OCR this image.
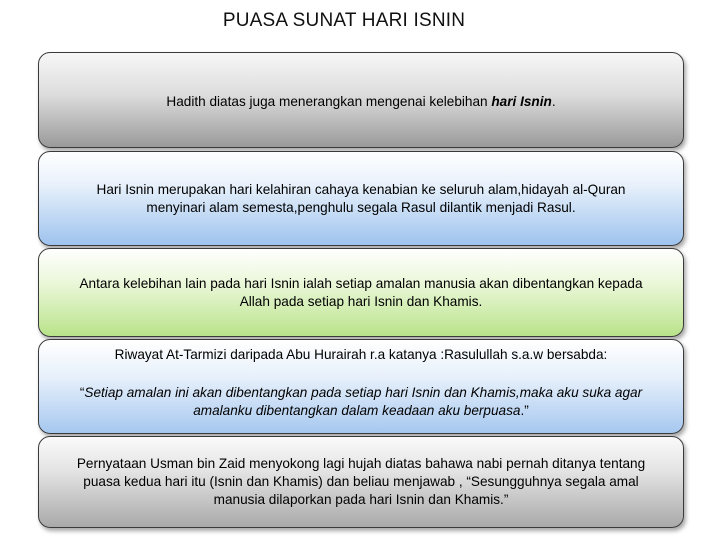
PUASA SUNAT HARI ISNIN

Hadith diatas juga menerangkan mengenai kelebihan hari Isnin.

Hari Isnin merupakan hari kelahiran cahaya kenabian ke seluruh alam,hidayah al-Quran

menyinari alam semesta,penghulu segala Rasul dilantik menjadi Rasul.

Antara kelebihan lain pada hari Isnin ialah setiap amalan manusia akan dibentangkan kepada

Allah pada setiap hari Isnin dan Khamis.

Riwayat At-Tarmizi daripada Abu Hurairah r.a katanya :Rasulullah s.a.w bersabda:

“Setiap amalan ini akan dibentangkan pada setiap hari Isnin dan Khamis,maka aku suka agar

amalanku dibentangkan dalam keadaan aku berpuasa.”

Pernyataan Usman bin Zaid menyokong lagi hujah diatas bahawa nabi pernah ditanya tentang

puasa kedua hari itu (Isnin dan Khamis) dan beliau menjawab , “Sesungguhnya segala amal

manusia dilaporkan pada hari Isnin dan Khamis.”
